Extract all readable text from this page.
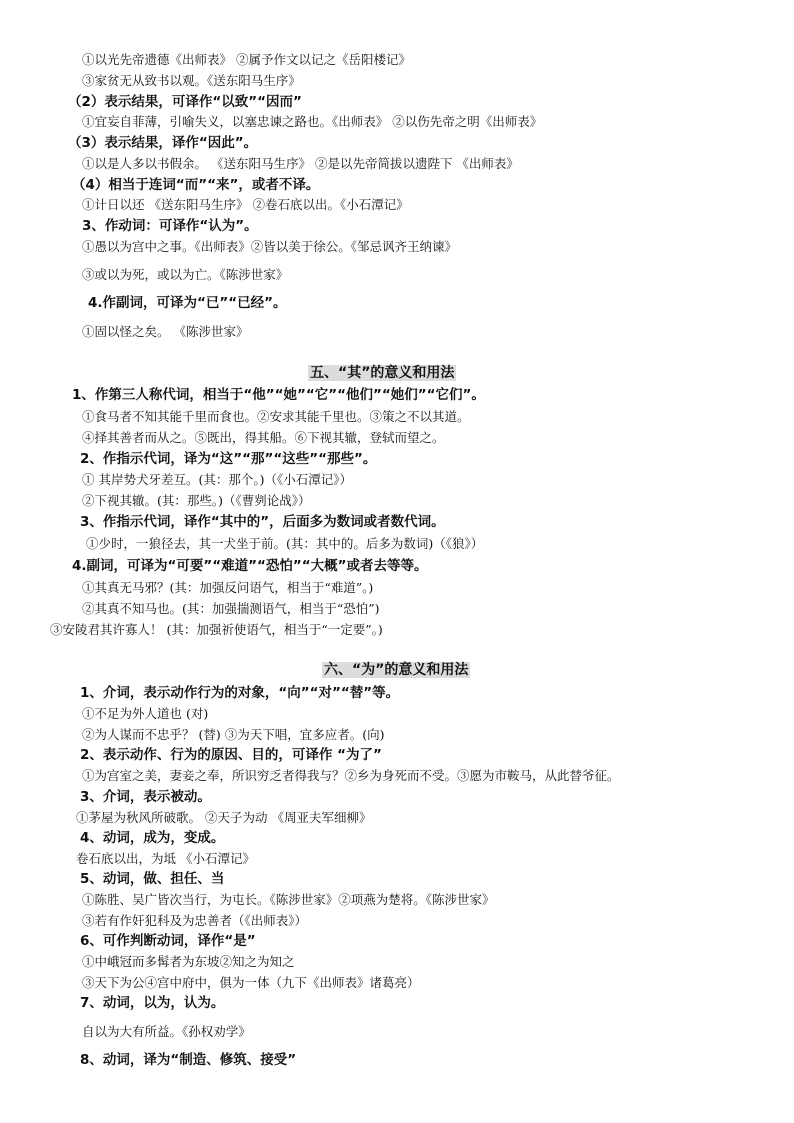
①以光先帝遗德《出师表》 ②属予作文以记之《岳阳楼记》
③家贫无从致书以观。《送东阳马生序》
（2）表示结果，可译作“以致”“因而”
①宜妄自菲薄，引喻失义，以塞忠谏之路也。《出师表》 ②以伤先帝之明《出师表》
（3）表示结果，译作“因此”。
①以是人多以书假余。 《送东阳马生序》 ②是以先帝简拔以遗陛下 《出师表》
（4）相当于连词“而”“来”，或者不译。
①计日以还 《送东阳马生序》 ②卷石底以出。《小石潭记》
3、作动词：可译作“认为”。
①愚以为宫中之事。《出师表》②皆以美于徐公。《邹忌讽齐王纳谏》
③或以为死，或以为亡。《陈涉世家》
4.作副词，可译为“已”“已经”。
①固以怪之矣。 《陈涉世家》
五、“其”的意义和用法
1、作第三人称代词，相当于“他”“她”“它”“他们”“她们”“它们”。
①食马者不知其能千里而食也。②安求其能千里也。③策之不以其道。
④择其善者而从之。⑤既出，得其船。⑥下视其辙，登轼而望之。
2、作指示代词，译为“这”“那”“这些”“那些”。
① 其岸势犬牙差互。(其：那个。)（《小石潭记》）
②下视其辙。(其：那些。)（《曹刿论战》）
3、作指示代词，译作“其中的”，后面多为数词或者数代词。
①少时，一狼径去，其一犬坐于前。(其：其中的。后多为数词)（《狼》）
4.副词，可译为“可要”“难道”“恐怕”“大概”或者去等等。
①其真无马邪？(其：加强反问语气，相当于“难道”。)
②其真不知马也。(其：加强揣测语气，相当于“恐怕”)
③安陵君其许寡人！ (其：加强祈使语气，相当于“一定要”。)
六、“为”的意义和用法
1、介词，表示动作行为的对象，“向”“对”“替”等。
①不足为外人道也 (对)
②为人谋而不忠乎？ (替) ③为天下唱，宜多应者。(向)
2、表示动作、行为的原因、目的，可译作 “为了”
①为宫室之美，妻妾之奉，所识穷乏者得我与？②乡为身死而不受。③愿为市鞍马，从此替爷征。
3、介词，表示被动。
①茅屋为秋风所破歌。 ②天子为动 《周亚夫军细柳》
4、动词，成为，变成。
卷石底以出，为坻 《小石潭记》
5、动词，做、担任、当
①陈胜、吴广皆次当行，为屯长。《陈涉世家》②项燕为楚将。《陈涉世家》
③若有作奸犯科及为忠善者（《出师表》）
6、可作判断动词，译作“是”
①中峨冠而多髯者为东坡②知之为知之
③天下为公④宫中府中，俱为一体（九下《出师表》诸葛亮）
7、动词，以为，认为。
自以为大有所益。《孙权劝学》
8、动词，译为“制造、修筑、接受”
